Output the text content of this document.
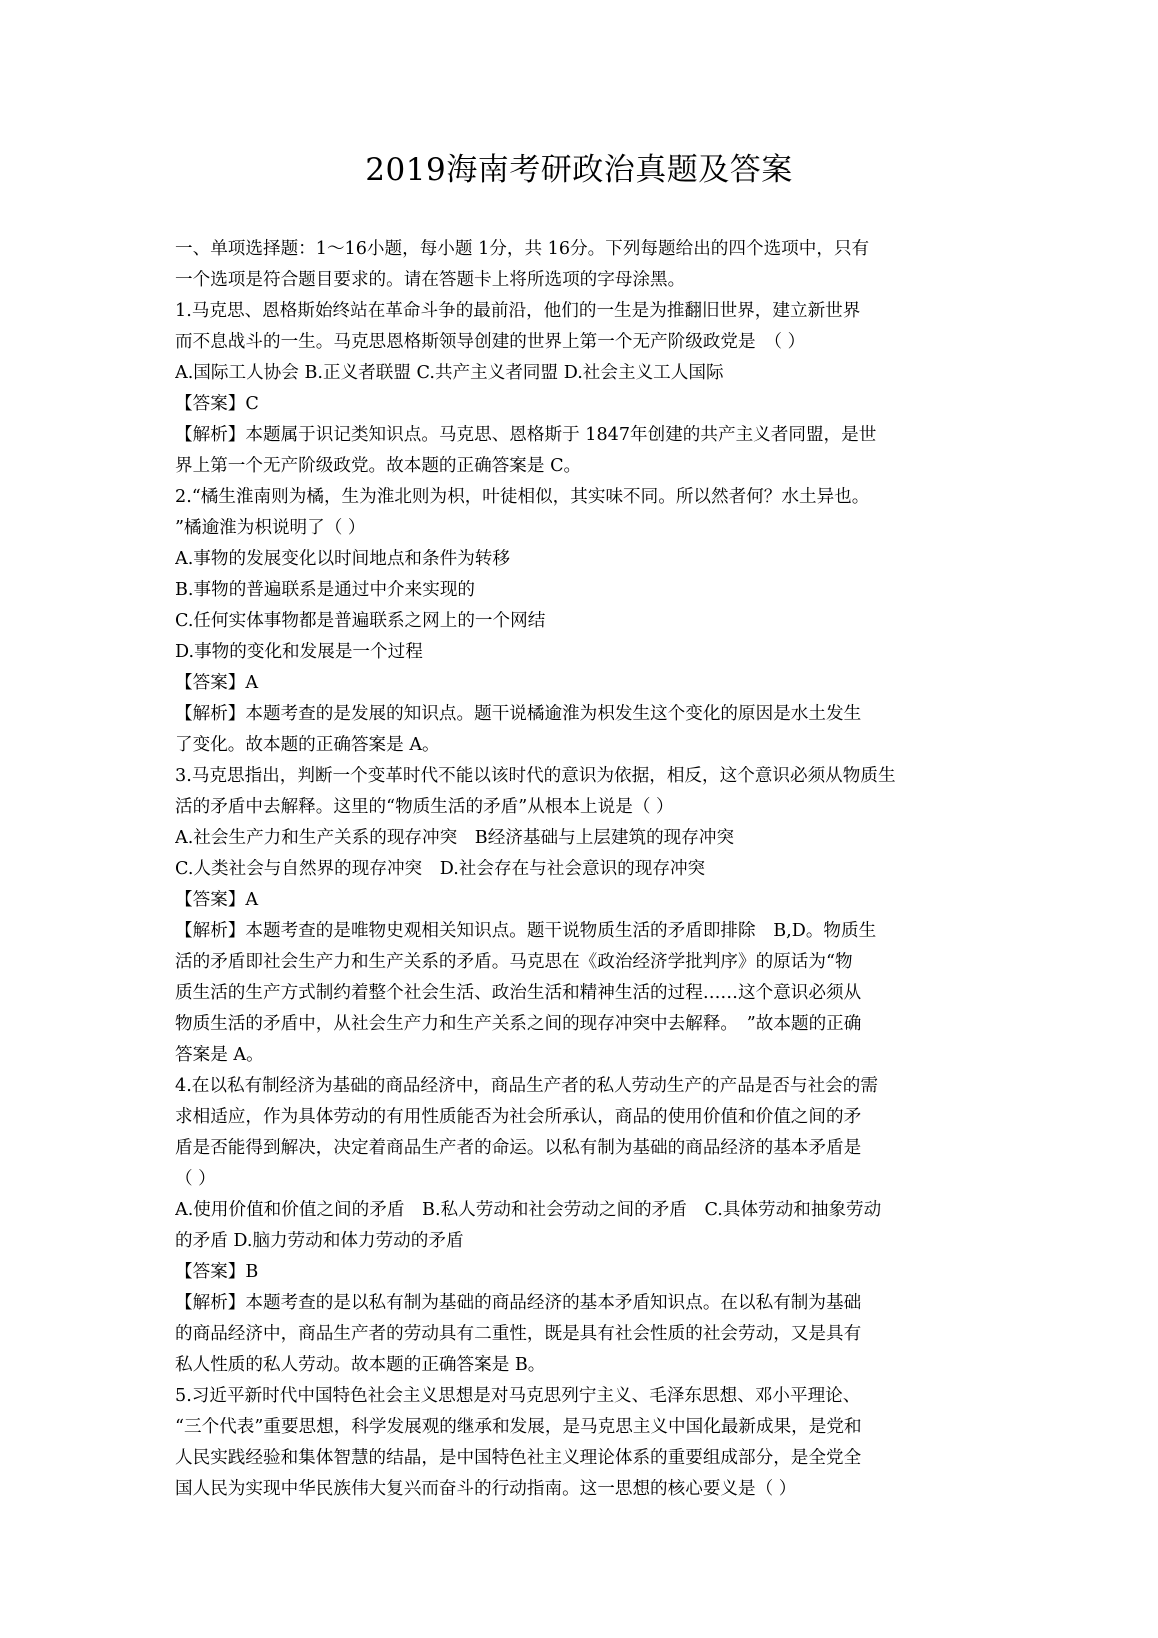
2019海南考研政治真题及答案
一、单项选择题：1～16小题，每小题 1分，共 16分。下列每题给出的四个选项中，只有
一个选项是符合题目要求的。请在答题卡上将所选项的字母涂黑。
1.马克思、恩格斯始终站在革命斗争的最前沿，他们的一生是为推翻旧世界，建立新世界
而不息战斗的一生。马克思恩格斯领导创建的世界上第一个无产阶级政党是　（ ）
A.国际工人协会 B.正义者联盟 C.共产主义者同盟 D.社会主义工人国际
【答案】C
【解析】本题属于识记类知识点。马克思、恩格斯于 1847年创建的共产主义者同盟，是世
界上第一个无产阶级政党。故本题的正确答案是 C。
2.“橘生淮南则为橘，生为淮北则为枳，叶徒相似，其实味不同。所以然者何？水土异也。
”橘逾淮为枳说明了（ ）
A.事物的发展变化以时间地点和条件为转移
B.事物的普遍联系是通过中介来实现的
C.任何实体事物都是普遍联系之网上的一个网结
D.事物的变化和发展是一个过程
【答案】A
【解析】本题考查的是发展的知识点。题干说橘逾淮为枳发生这个变化的原因是水土发生
了变化。故本题的正确答案是 A。
3.马克思指出，判断一个变革时代不能以该时代的意识为依据，相反，这个意识必须从物质生
活的矛盾中去解释。这里的“物质生活的矛盾”从根本上说是（ ）
A.社会生产力和生产关系的现存冲突　B经济基础与上层建筑的现存冲突
C.人类社会与自然界的现存冲突　D.社会存在与社会意识的现存冲突
【答案】A
【解析】本题考查的是唯物史观相关知识点。题干说物质生活的矛盾即排除　B,D。物质生
活的矛盾即社会生产力和生产关系的矛盾。马克思在《政治经济学批判序》的原话为“物
质生活的生产方式制约着整个社会生活、政治生活和精神生活的过程……这个意识必须从
物质生活的矛盾中，从社会生产力和生产关系之间的现存冲突中去解释。　”故本题的正确
答案是 A。
4.在以私有制经济为基础的商品经济中，商品生产者的私人劳动生产的产品是否与社会的需
求相适应，作为具体劳动的有用性质能否为社会所承认，商品的使用价值和价值之间的矛
盾是否能得到解决，决定着商品生产者的命运。以私有制为基础的商品经济的基本矛盾是
（ ）
A.使用价值和价值之间的矛盾　B.私人劳动和社会劳动之间的矛盾　C.具体劳动和抽象劳动
的矛盾 D.脑力劳动和体力劳动的矛盾
【答案】B
【解析】本题考查的是以私有制为基础的商品经济的基本矛盾知识点。在以私有制为基础
的商品经济中，商品生产者的劳动具有二重性，既是具有社会性质的社会劳动，又是具有
私人性质的私人劳动。故本题的正确答案是 B。
5.习近平新时代中国特色社会主义思想是对马克思列宁主义、毛泽东思想、邓小平理论、
“三个代表”重要思想，科学发展观的继承和发展，是马克思主义中国化最新成果，是党和
人民实践经验和集体智慧的结晶，是中国特色社主义理论体系的重要组成部分，是全党全
国人民为实现中华民族伟大复兴而奋斗的行动指南。这一思想的核心要义是（ ）
